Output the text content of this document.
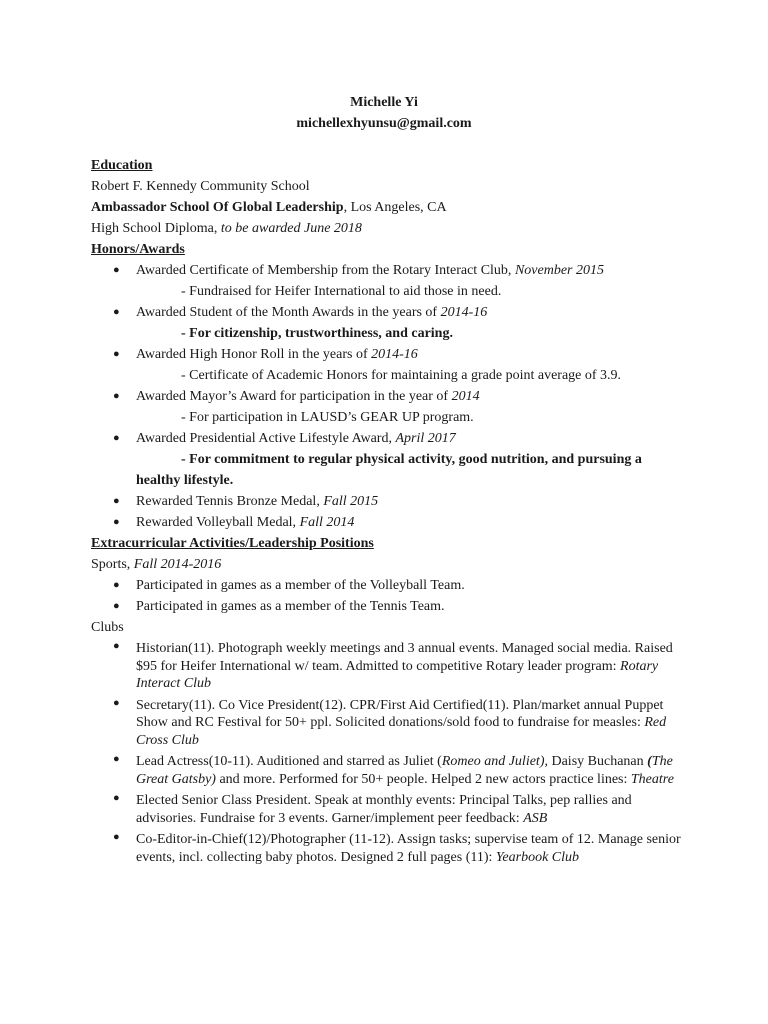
Michelle Yi
michellexhyunsu@gmail.com
Education
Robert F. Kennedy Community School
Ambassador School Of Global Leadership, Los Angeles, CA
High School Diploma, to be awarded June 2018
Honors/Awards
● Awarded Certificate of Membership from the Rotary Interact Club, November 2015
- Fundraised for Heifer International to aid those in need.
● Awarded Student of the Month Awards in the years of 2014-16
- For citizenship, trustworthiness, and caring.
● Awarded High Honor Roll in the years of 2014-16
- Certificate of Academic Honors for maintaining a grade point average of 3.9.
● Awarded Mayor’s Award for participation in the year of 2014
- For participation in LAUSD’s GEAR UP program.
● Awarded Presidential Active Lifestyle Award, April 2017
- For commitment to regular physical activity, good nutrition, and pursuing a healthy lifestyle.
● Rewarded Tennis Bronze Medal, Fall 2015
● Rewarded Volleyball Medal, Fall 2014
Extracurricular Activities/Leadership Positions
Sports, Fall 2014-2016
● Participated in games as a member of the Volleyball Team.
● Participated in games as a member of the Tennis Team.
Clubs
● Historian(11). Photograph weekly meetings and 3 annual events. Managed social media. Raised $95 for Heifer International w/ team. Admitted to competitive Rotary leader program: Rotary Interact Club
● Secretary(11). Co Vice President(12). CPR/First Aid Certified(11). Plan/market annual Puppet Show and RC Festival for 50+ ppl. Solicited donations/sold food to fundraise for measles: Red Cross Club
● Lead Actress(10-11). Auditioned and starred as Juliet (Romeo and Juliet), Daisy Buchanan (The Great Gatsby) and more. Performed for 50+ people. Helped 2 new actors practice lines: Theatre
● Elected Senior Class President. Speak at monthly events: Principal Talks, pep rallies and advisories. Fundraise for 3 events. Garner/implement peer feedback: ASB
● Co-Editor-in-Chief(12)/Photographer (11-12). Assign tasks; supervise team of 12. Manage senior events, incl. collecting baby photos. Designed 2 full pages (11): Yearbook Club
